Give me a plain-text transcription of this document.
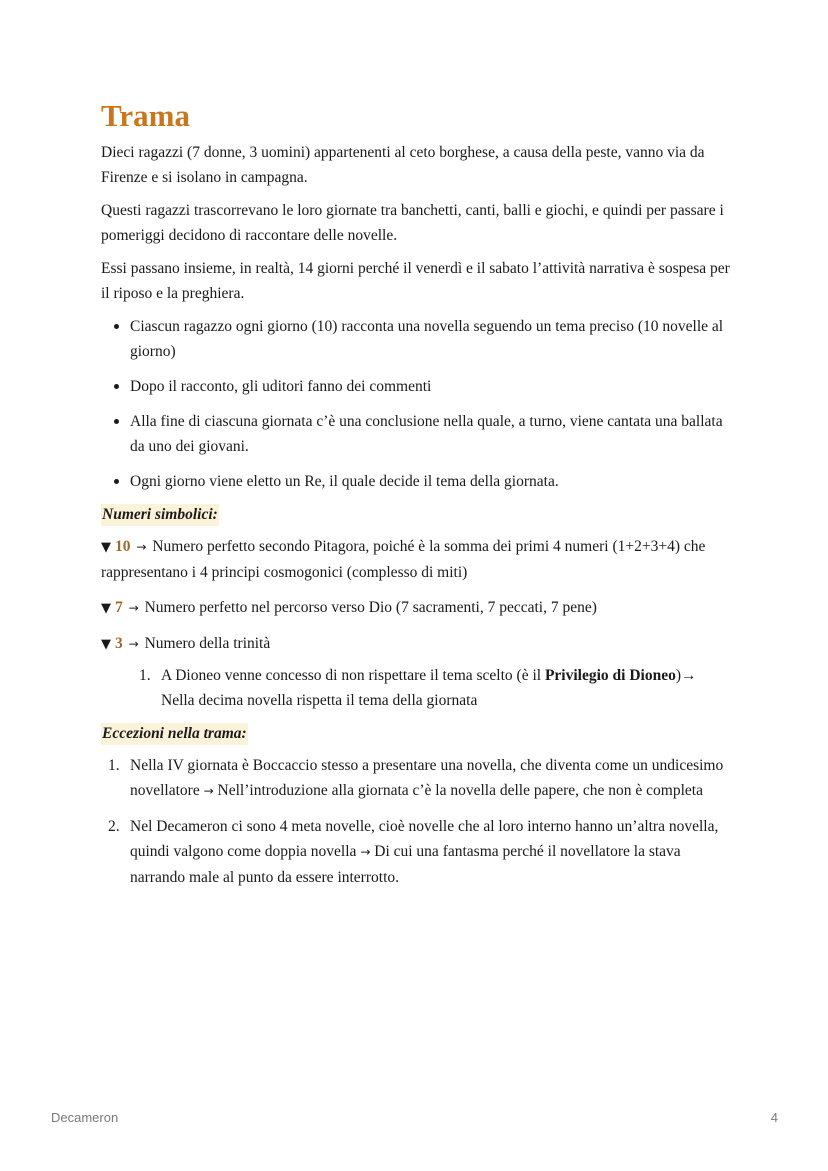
Trama

Dieci ragazzi (7 donne, 3 uomini) appartenenti al ceto borghese, a causa della peste, vanno via da Firenze e si isolano in campagna.

Questi ragazzi trascorrevano le loro giornate tra banchetti, canti, balli e giochi, e quindi per passare i pomeriggi decidono di raccontare delle novelle.

Essi passano insieme, in realtà, 14 giorni perché il venerdì e il sabato l’attività narrativa è sospesa per il riposo e la preghiera.

Ciascun ragazzo ogni giorno (10) racconta una novella seguendo un tema preciso (10 novelle al giorno)
Dopo il racconto, gli uditori fanno dei commenti
Alla fine di ciascuna giornata c’è una conclusione nella quale, a turno, viene cantata una ballata da uno dei giovani.
Ogni giorno viene eletto un Re, il quale decide il tema della giornata.
Numeri simbolici:
▼ 10 → Numero perfetto secondo Pitagora, poiché è la somma dei primi 4 numeri (1+2+3+4) che rappresentano i 4 principi cosmogonici (complesso di miti)
▼ 7 → Numero perfetto nel percorso verso Dio (7 sacramenti, 7 peccati, 7 pene)
▼ 3 → Numero della trinità
1. A Dioneo venne concesso di non rispettare il tema scelto (è il Privilegio di Dioneo)→ Nella decima novella rispetta il tema della giornata
Eccezioni nella trama:
1. Nella IV giornata è Boccaccio stesso a presentare una novella, che diventa come un undicesimo novellatore → Nell’introduzione alla giornata c’è la novella delle papere, che non è completa
2. Nel Decameron ci sono 4 meta novelle, cioè novelle che al loro interno hanno un’altra novella, quindi valgono come doppia novella → Di cui una fantasma perché il novellatore la stava narrando male al punto da essere interrotto.
Decameron	4
